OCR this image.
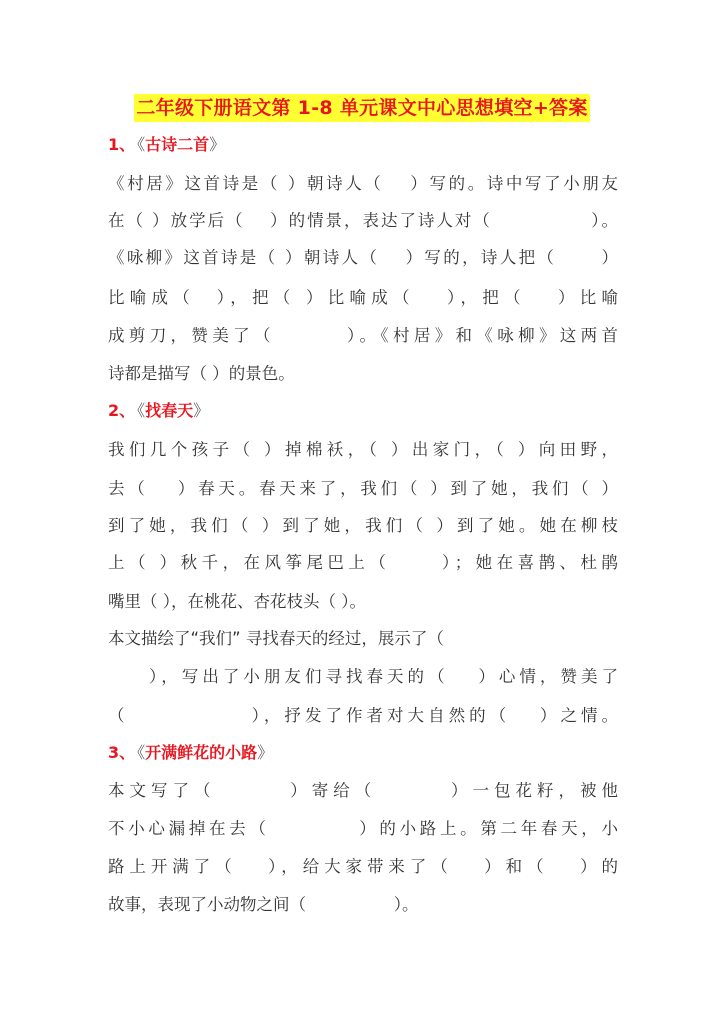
二年级下册语文第 1-8 单元课文中心思想填空+答案
1、 《古诗二首》
《村居》这首诗是（ ）朝诗人（　 ）写的。诗中写了小朋友
在（ ）放学后（　 ）的情景，表达了诗人对（　　　　　 ）。
《咏柳》这首诗是（ ）朝诗人（　 ）写的，诗人把（　　 ）
比喻成（　），把（ ）比喻成（　 ），把（　 ）比喻
成剪刀，赞美了（　　　 ）。《村居》和《咏柳》这两首
诗都是描写（ ）的景色。
2、 《找春天》
我们几个孩子（ ）掉棉袄，（ ）出家门，（ ）向田野，
去（　 ）春天。春天来了，我们（ ）到了她，我们（ ）
到了她，我们（ ）到了她，我们（ ）到了她。她在柳枝
上（ ）秋千，在风筝尾巴上（　　 ）；她在喜鹊、杜鹃
嘴里（ ），在桃花、杏花枝头（ ）。
本文描绘了“我们” 寻找春天的经过，展示了（
　　），写出了小朋友们寻找春天的（　 ）心情，赞美了
（　　　　　　），抒发了作者对大自然的（　 ）之情。
3、 《开满鲜花的小路》
本文写了（　　　 ）寄给（　　　 ）一包花籽，被他
不小心漏掉在去（　　　　 ）的小路上。第二年春天，小
路上开满了（　 ），给大家带来了（　 ）和（　 ）的
故事，表现了小动物之间（　　　　　 ）。
